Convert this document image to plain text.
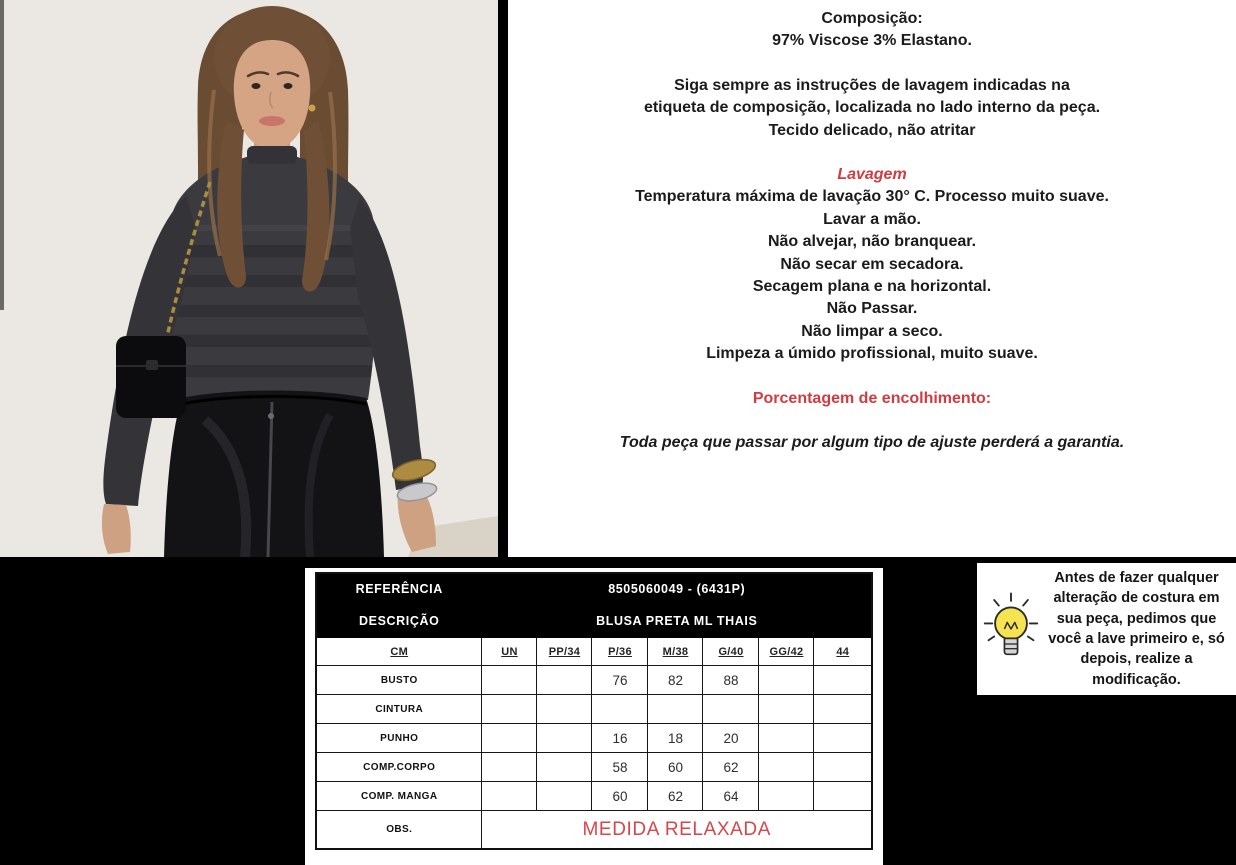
Composição:

97% Viscose 3% Elastano.

Siga sempre as instruções de lavagem indicadas na

etiqueta de composição, localizada no lado interno da peça.

Tecido delicado, não atritar

Lavagem

Temperatura máxima de lavação 30° C. Processo muito suave.

Lavar a mão.

Não alvejar, não branquear.

Não secar em secadora.

Secagem plana e na horizontal.

Não Passar.

Não limpar a seco.

Limpeza a úmido profissional, muito suave.

Porcentagem de encolhimento:

Toda peça que passar por algum tipo de ajuste perderá a garantia.

REFERÊNCIA	8505060049 - (6431P)						
DESCRIÇÃO	BLUSA PRETA ML THAIS						
CM	UN	PP/34	P/36	M/38	G/40	GG/42	44
BUSTO			76	82	88		
CINTURA							
PUNHO			16	18	20		
COMP.CORPO			58	60	62		
COMP. MANGA			60	62	64		
OBS.	MEDIDA RELAXADA						

Antes de fazer qualquer alteração de costura em sua peça, pedimos que você a lave primeiro e, só depois, realize a modificação.
